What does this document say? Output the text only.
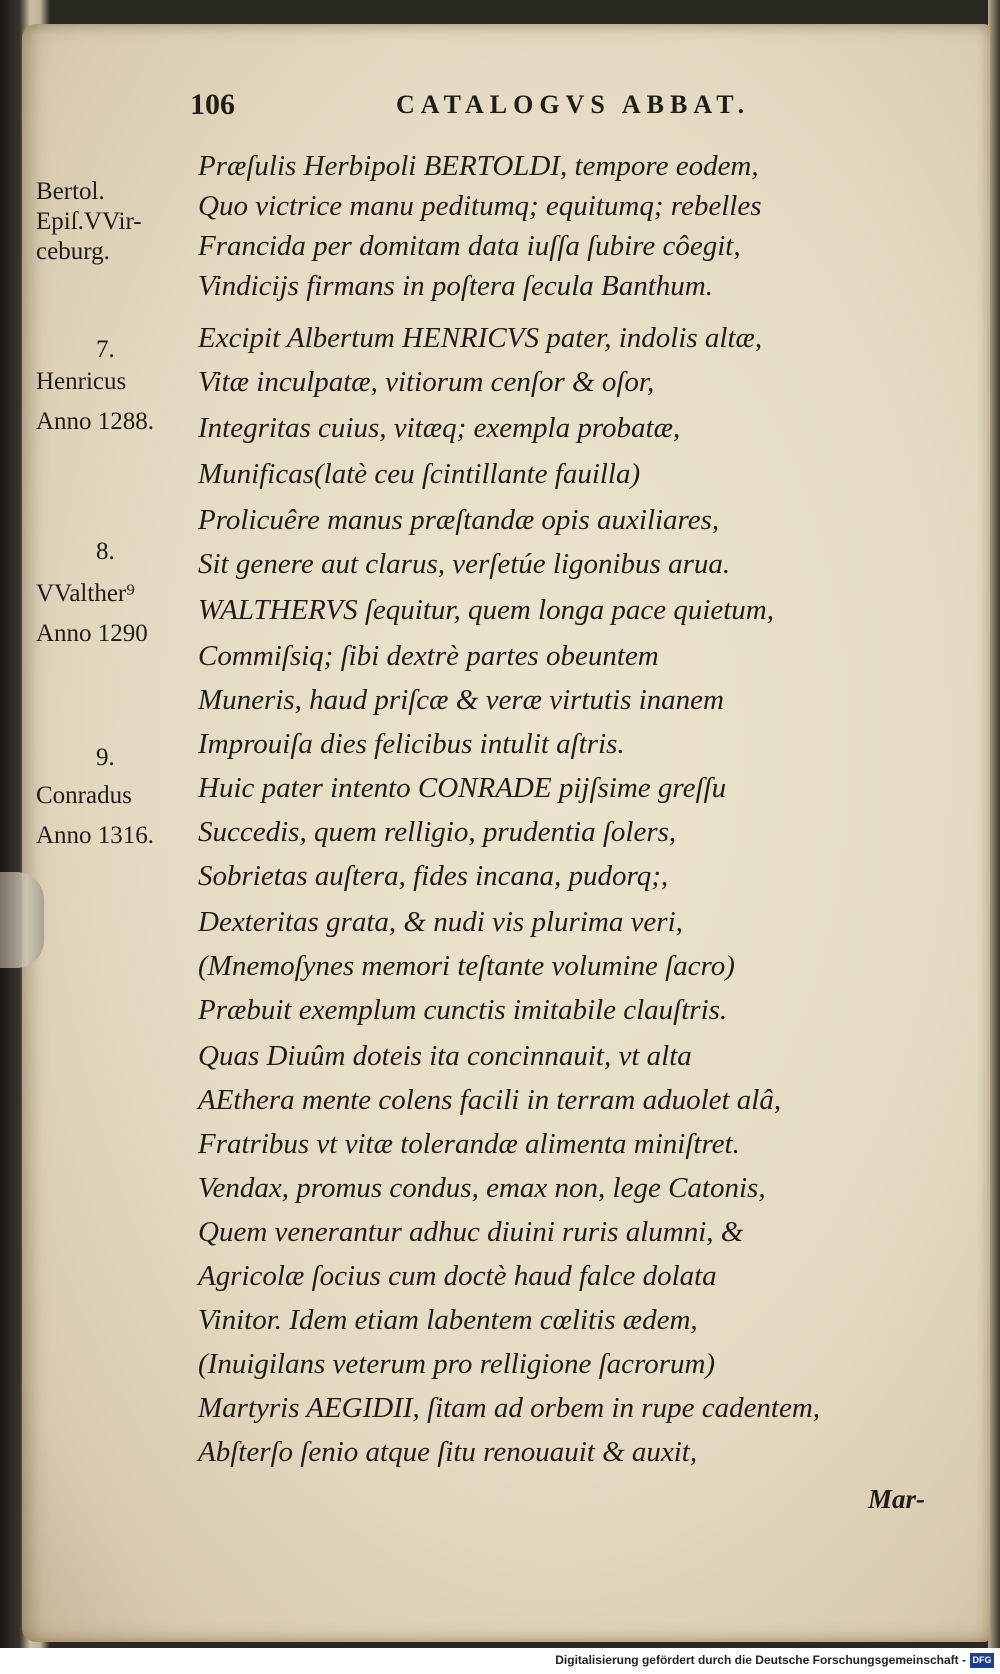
106	CATALOGVS ABBAT.
Bertol.
Epiſ.VVir-
ceburg.
7.
Henricus
Anno 1288.
8.
VValther⁹
Anno 1290
9.
Conradus
Anno 1316.
Præſulis Herbipoli BERTOLDI, tempore eodem,
Quo victrice manu peditumq; equitumq; rebelles
Francida per domitam data iuſſa ſubire côegit,
Vindicijs firmans in poſtera ſecula Banthum.
Excipit Albertum HENRICVS pater, indolis altæ,
Vitæ inculpatæ, vitiorum cenſor & oſor,
Integritas cuius, vitæq; exempla probatæ,
Munificas(latè ceu ſcintillante fauilla)
Prolicuêre manus præſtandæ opis auxiliares,
Sit genere aut clarus, verſetúe ligonibus arua.
WALTHERVS ſequitur, quem longa pace quietum,
Commiſsiq; ſibi dextrè partes obeuntem
Muneris, haud priſcæ & veræ virtutis inanem
Improuiſa dies felicibus intulit aſtris.
Huic pater intento CONRADE pijſsime greſſu
Succedis, quem relligio, prudentia ſolers,
Sobrietas auſtera, fides incana, pudorq;,
Dexteritas grata, & nudi vis plurima veri,
(Mnemoſynes memori teſtante volumine ſacro)
Præbuit exemplum cunctis imitabile clauſtris.
Quas Diuûm doteis ita concinnauit, vt alta
AEthera mente colens facili in terram aduolet alâ,
Fratribus vt vitæ tolerandæ alimenta miniſtret.
Vendax, promus condus, emax non, lege Catonis,
Quem venerantur adhuc diuini ruris alumni, &
Agricolæ ſocius cum doctè haud falce dolata
Vinitor. Idem etiam labentem cœlitis ædem,
(Inuigilans veterum pro relligione ſacrorum)
Martyris AEGIDII, ſitam ad orbem in rupe cadentem,
Abſterſo ſenio atque ſitu renouauit & auxit,
Mar-
Digitalisierung gefördert durch die Deutsche Forschungsgemeinschaft - DFG
